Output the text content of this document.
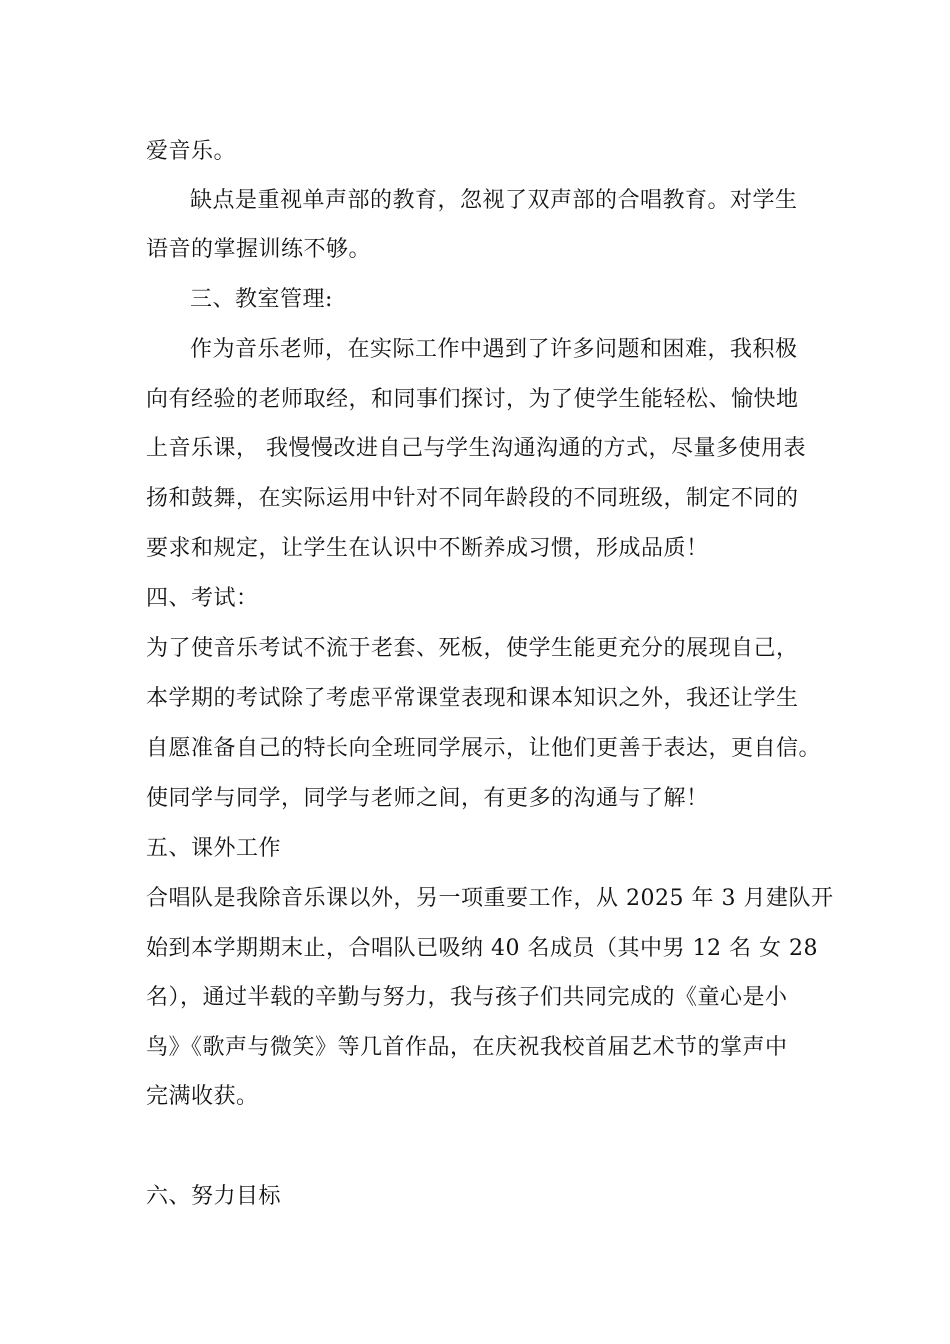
爱音乐。
缺点是重视单声部的教育，忽视了双声部的合唱教育。对学生
语音的掌握训练不够。
三、教室管理:
作为音乐老师，在实际工作中遇到了许多问题和困难，我积极
向有经验的老师取经，和同事们探讨，为了使学生能轻松、愉快地
上音乐课， 我慢慢改进自己与学生沟通沟通的方式，尽量多使用表
扬和鼓舞，在实际运用中针对不同年龄段的不同班级，制定不同的
要求和规定，让学生在认识中不断养成习惯，形成品质！
四、考试：
为了使音乐考试不流于老套、死板，使学生能更充分的展现自己，
本学期的考试除了考虑平常课堂表现和课本知识之外，我还让学生
自愿准备自己的特长向全班同学展示，让他们更善于表达，更自信。
使同学与同学，同学与老师之间，有更多的沟通与了解！
五、课外工作
合唱队是我除音乐课以外，另一项重要工作，从 2025 年 3 月建队开
始到本学期期末止，合唱队已吸纳 40 名成员（其中男 12 名 女 28
名），通过半载的辛勤与努力，我与孩子们共同完成的《童心是小
鸟》《歌声与微笑》等几首作品，在庆祝我校首届艺术节的掌声中
完满收获。
六、努力目标
